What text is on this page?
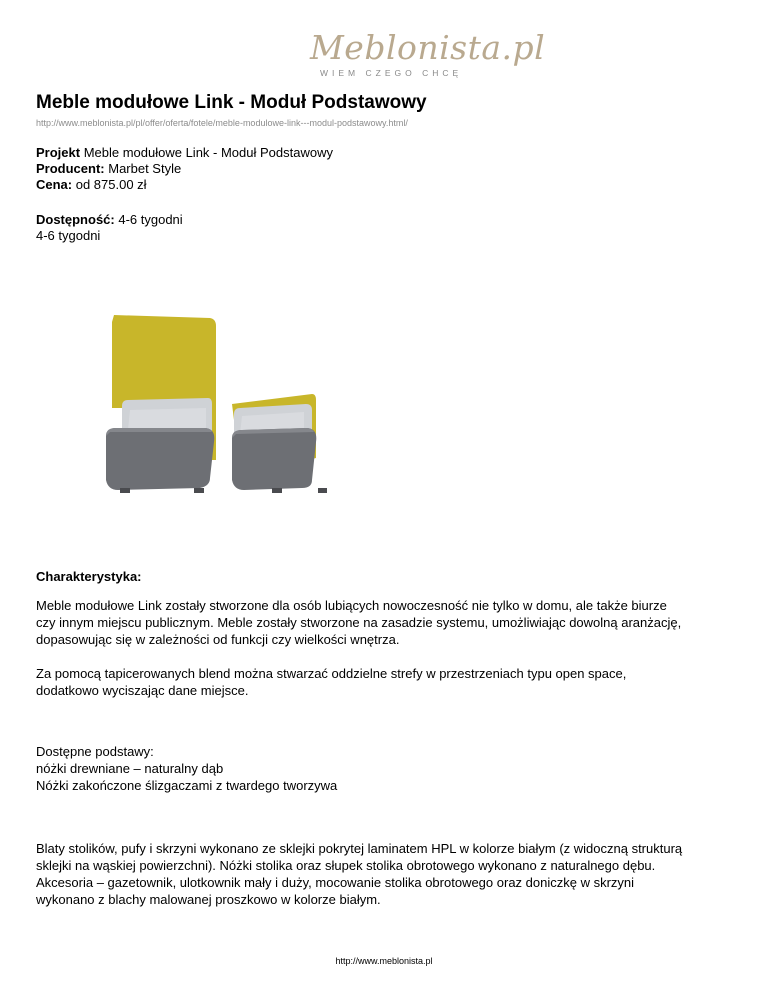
Meblonista.pl
WIEM CZEGO CHCĘ
Meble modułowe Link - Moduł Podstawowy
http://www.meblonista.pl/pl/offer/oferta/fotele/meble-modulowe-link---modul-podstawowy.html/
Projekt Meble modułowe Link - Moduł Podstawowy
Producent: Marbet Style
Cena: od 875.00 zł
Dostępność: 4-6 tygodni
4-6 tygodni
Charakterystyka:
Meble modułowe Link zostały stworzone dla osób lubiących nowoczesność nie tylko w domu, ale także biurze
czy innym miejscu publicznym. Meble zostały stworzone na zasadzie systemu, umożliwiając dowolną aranżację,
dopasowując się w zależności od funkcji czy wielkości wnętrza.
Za pomocą tapicerowanych blend można stwarzać oddzielne strefy w przestrzeniach typu open space,
dodatkowo wyciszając dane miejsce.
Dostępne podstawy:
nóżki drewniane – naturalny dąb
Nóżki zakończone ślizgaczami z twardego tworzywa
Blaty stolików, pufy i skrzyni wykonano ze sklejki pokrytej laminatem HPL w kolorze białym (z widoczną strukturą
sklejki na wąskiej powierzchni). Nóżki stolika oraz słupek stolika obrotowego wykonano z naturalnego dębu.
Akcesoria – gazetownik, ulotkownik mały i duży, mocowanie stolika obrotowego oraz doniczkę w skrzyni
wykonano z blachy malowanej proszkowo w kolorze białym.
http://www.meblonista.pl
